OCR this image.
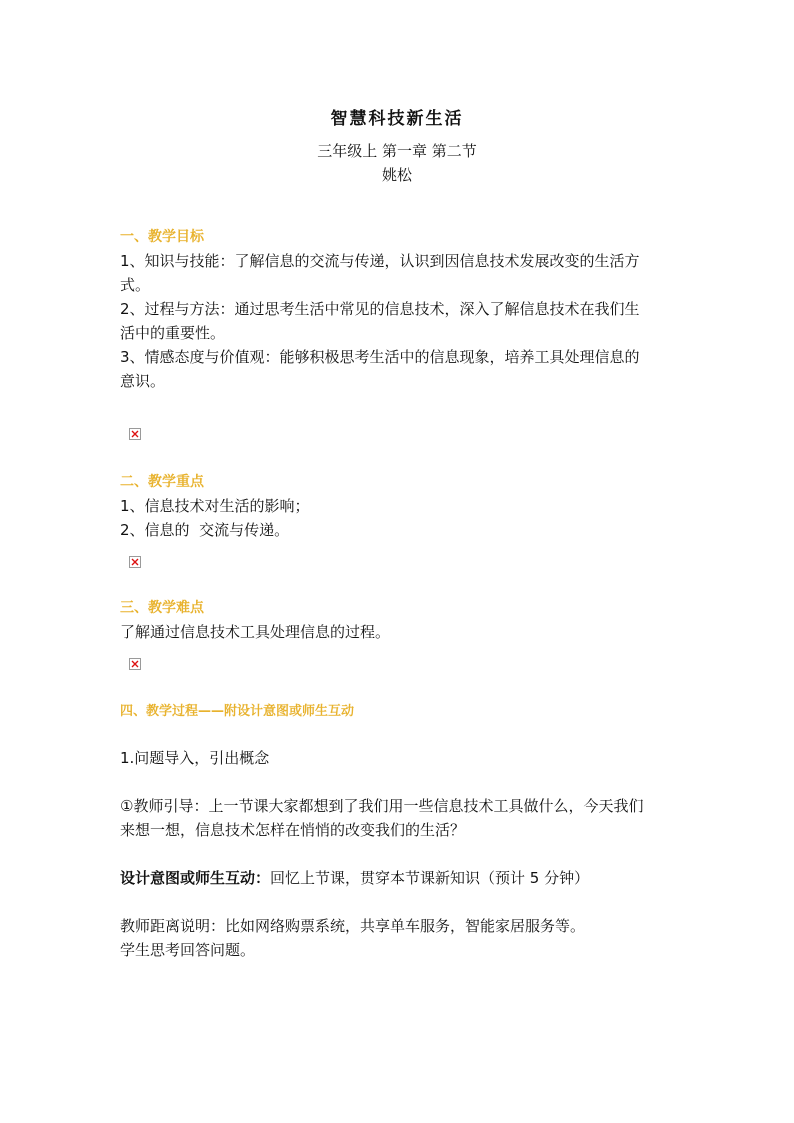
智慧科技新生活
三年级上 第一章 第二节
姚松
一、教学目标
1、知识与技能：了解信息的交流与传递，认识到因信息技术发展改变的生活方
式。
2、过程与方法：通过思考生活中常见的信息技术，深入了解信息技术在我们生
活中的重要性。
3、情感态度与价值观：能够积极思考生活中的信息现象，培养工具处理信息的
意识。
二、教学重点
1、信息技术对生活的影响；
2、信息的  交流与传递。
三、教学难点
了解通过信息技术工具处理信息的过程。
四、教学过程——附设计意图或师生互动
1.问题导入，引出概念
①教师引导：上一节课大家都想到了我们用一些信息技术工具做什么，今天我们
来想一想，信息技术怎样在悄悄的改变我们的生活？
设计意图或师生互动：回忆上节课，贯穿本节课新知识（预计 5 分钟）
教师距离说明：比如网络购票系统，共享单车服务，智能家居服务等。
学生思考回答问题。
